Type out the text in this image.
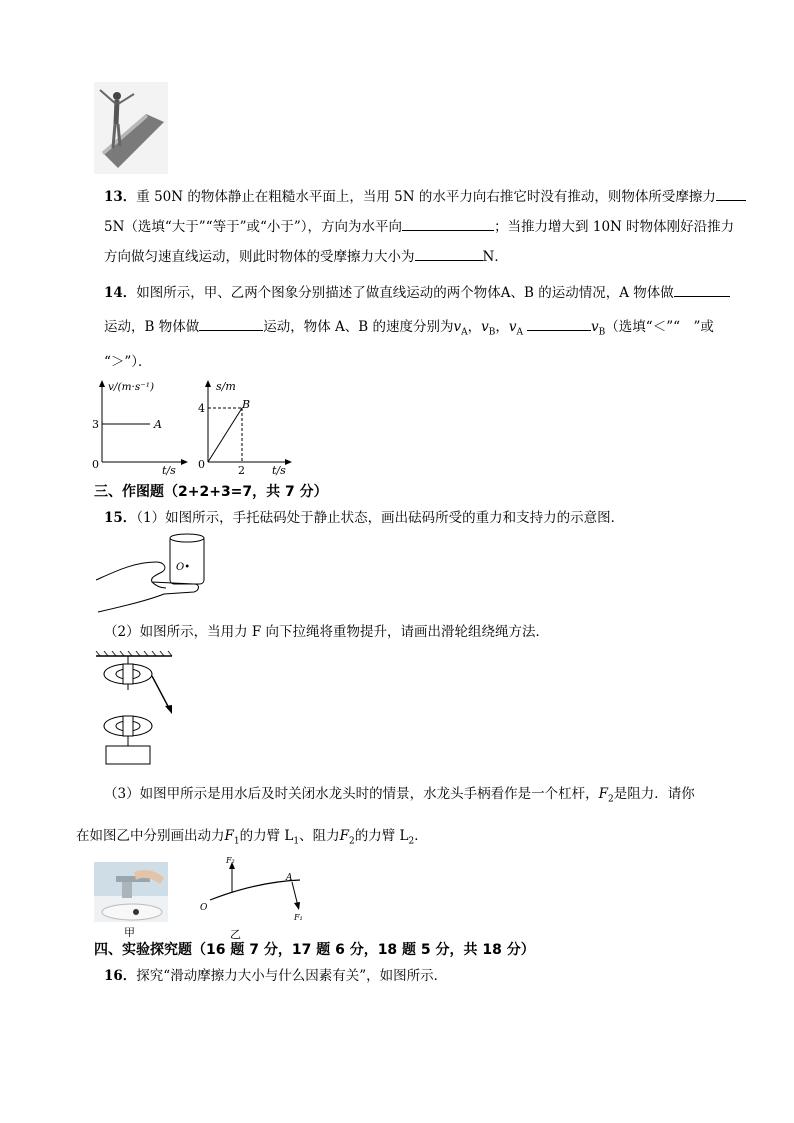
13．重 50N 的物体静止在粗糙水平面上，当用 5N 的水平力向右推它时没有推动，则物体所受摩擦力
5N（选填“大于”“等于”或“小于”），方向为水平向	；当推力增大到 10N 时物体刚好沿推力
方向做匀速直线运动，则此时物体的受摩擦力大小为	N．
14．如图所示，甲、乙两个图象分别描述了做直线运动的两个物体A、B 的运动情况，A 物体做
运动，B 物体做	运动，物体 A、B 的速度分别为$v_A$，$v_B$，$v_A$	$v_B$（选填“＜”“　”或
“＞”）．
3
0
v/(m·s⁻¹)
A
t/s
4
0	2
s/m
B
t/s
三、作图题（2+2+3=7，共 7 分）
15．（1）如图所示，手托砝码处于静止状态，画出砝码所受的重力和支持力的示意图．
O•
（2）如图所示，当用力 F 向下拉绳将重物提升，请画出滑轮组绕绳方法．
（3）如图甲所示是用水后及时关闭水龙头时的情景，水龙头手柄看作是一个杠杆，$F_2$是阻力．请你
在如图乙中分别画出动力$F_1$的力臂 $L_1$、阻力$F_2$的力臂 $L_2$．
甲
F₂
A
O
F₁
乙
四、实验探究题（16 题 7 分，17 题 6 分，18 题 5 分，共 18 分）
16．探究“滑动摩擦力大小与什么因素有关”，如图所示．
